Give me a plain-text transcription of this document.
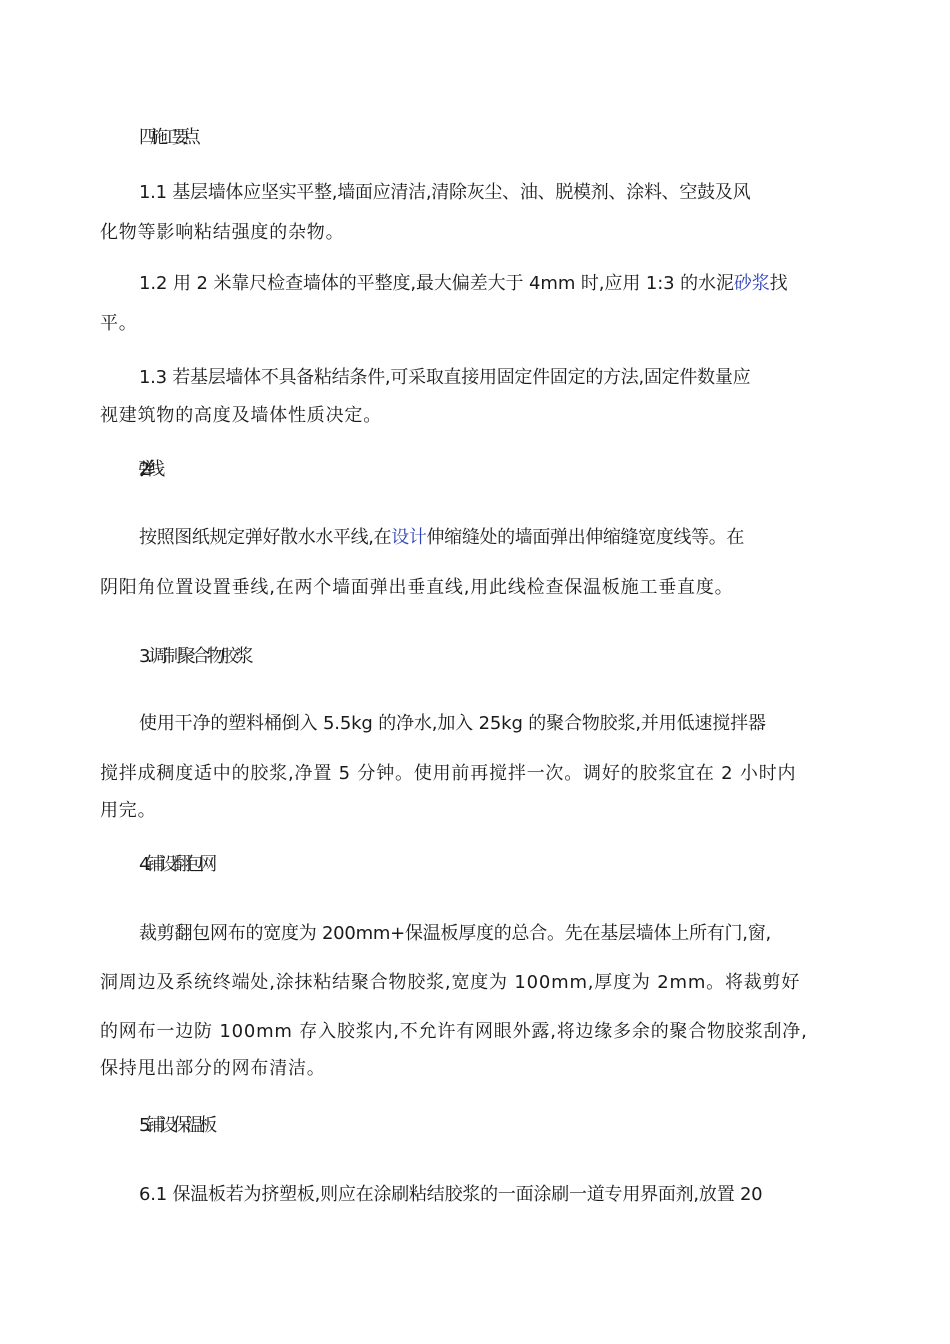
四施工要点
1.1 基层墙体应坚实平整,墙面应清洁,清除灰尘、油、脱模剂、涂料、空鼓及风
化物等影响粘结强度的杂物。
1.2 用 2 米靠尺检查墙体的平整度,最大偏差大于 4mm 时,应用 1:3 的水泥砂浆找
平。
1.3 若基层墙体不具备粘结条件,可采取直接用固定件固定的方法,固定件数量应
视建筑物的高度及墙体性质决定。
2.弹线
按照图纸规定弹好散水水平线,在设计伸缩缝处的墙面弹出伸缩缝宽度线等。在
阴阳角位置设置垂线,在两个墙面弹出垂直线,用此线检查保温板施工垂直度。
3.调制聚合物胶浆
使用干净的塑料桶倒入 5.5kg 的净水,加入 25kg 的聚合物胶浆,并用低速搅拌器
搅拌成稠度适中的胶浆,净置 5 分钟。使用前再搅拌一次。调好的胶浆宜在 2 小时内
用完。
4.铺设翻包网
裁剪翻包网布的宽度为 200mm+保温板厚度的总合。先在基层墙体上所有门,窗,
洞周边及系统终端处,涂抹粘结聚合物胶浆,宽度为 100mm,厚度为 2mm。将裁剪好
的网布一边防 100mm 存入胶浆内,不允许有网眼外露,将边缘多余的聚合物胶浆刮净,
保持甩出部分的网布清洁。
5.铺设保温板
6.1 保温板若为挤塑板,则应在涂刷粘结胶浆的一面涂刷一道专用界面剂,放置 20
